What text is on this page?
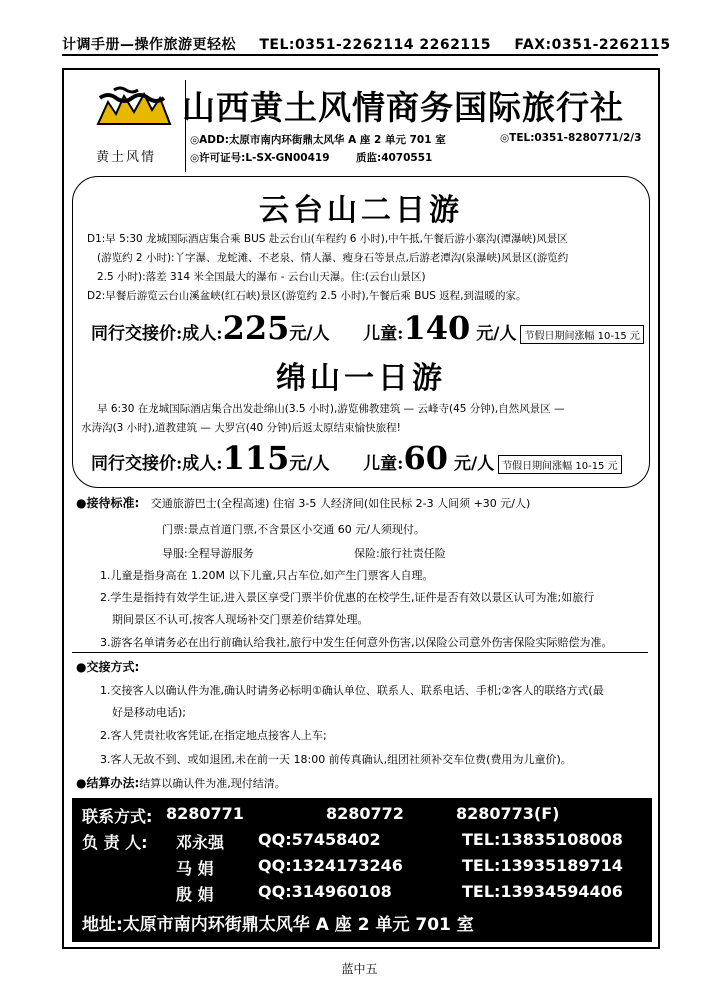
计调手册—操作旅游更轻松 TEL:0351-2262114 2262115 FAX:0351-2262115
黄土风情
山西黄土风情商务国际旅行社
◎ADD:太原市南内环街鼎太风华 A 座 2 单元 701 室	◎TEL:0351-8280771/2/3
◎许可证号:L-SX-GN00419	质监:4070551
云台山二日游
D1:早 5:30 龙城国际酒店集合乘 BUS 赴云台山(车程约 6 小时),中午抵,午餐后游小寨沟(潭瀑峡)风景区
(游览约 2 小时):丫字瀑、龙蛇滩、不老泉、情人瀑、瘦身石等景点,后游老潭沟(泉瀑峡)风景区(游览约
2.5 小时):落差 314 米全国最大的瀑布 - 云台山天瀑。住:(云台山景区)
D2:早餐后游览云台山溪盆峡(红石峡)景区(游览约 2.5 小时),午餐后乘 BUS 返程,到温暖的家。
同行交接价:成人:225元/人 儿童:140 元/人 节假日期间涨幅 10-15 元
绵山一日游
早 6:30 在龙城国际酒店集合出发赴绵山(3.5 小时),游览佛教建筑 — 云峰寺(45 分钟),自然风景区 —
水涛沟(3 小时),道教建筑 — 大罗宫(40 分钟)后返太原结束愉快旅程!
同行交接价:成人:115元/人 儿童:60 元/人 节假日期间涨幅 10-15 元
●接待标准: 交通旅游巴士(全程高速) 住宿 3-5 人经济间(如住民标 2-3 人间须 +30 元/人)
门票:景点首道门票,不含景区小交通 60 元/人须现付。
导服:全程导游服务	保险:旅行社责任险
1.儿童是指身高在 1.20M 以下儿童,只占车位,如产生门票客人自理。
2.学生是指持有效学生证,进入景区享受门票半价优惠的在校学生,证件是否有效以景区认可为准;如旅行
期间景区不认可,按客人现场补交门票差价结算处理。
3.游客名单请务必在出行前确认给我社,旅行中发生任何意外伤害,以保险公司意外伤害保险实际赔偿为准。
●交接方式:
1.交接客人以确认件为准,确认时请务必标明①确认单位、联系人、联系电话、手机;②客人的联络方式(最
好是移动电话);
2.客人凭责社收客凭证,在指定地点接客人上车;
3.客人无故不到、或如退团,未在前一天 18:00 前传真确认,组团社须补交车位费(费用为儿童价)。
●结算办法:结算以确认件为准,现付结清。
联系方式: 8280771	8280772	8280773(F)
负 责 人: 邓永强 QQ:57458402	TEL:13835108008
马 娟	QQ:1324173246	TEL:13935189714
殷 娟	QQ:314960108	TEL:13934594406
地址:太原市南内环街鼎太风华 A 座 2 单元 701 室
蓝中五
